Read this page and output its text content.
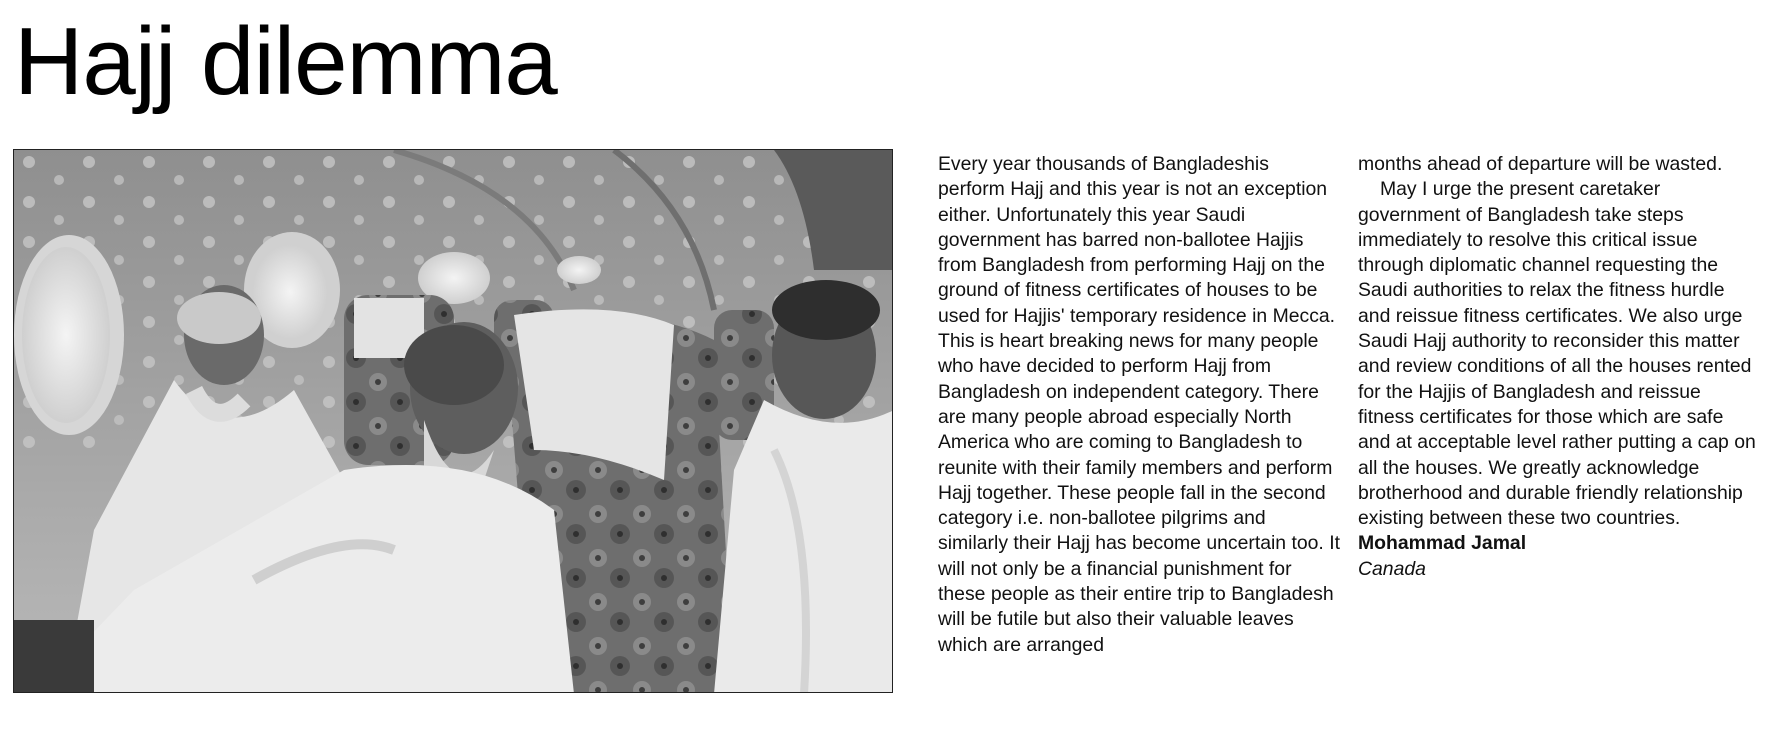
Hajj dilemma

Every year thousands of Bangladeshis perform Hajj and this year is not an exception either. Unfortunately this year Saudi government has barred non-ballotee Hajjis from Bangladesh from performing Hajj on the ground of fitness certificates of houses to be used for Hajjis' temporary residence in Mecca. This is heart breaking news for many people who have decided to perform Hajj from Bangladesh on independent category. There are many people abroad especially North America who are coming to Bangladesh to reunite with their family members and perform Hajj together. These people fall in the second category i.e. non-ballotee pilgrims and similarly their Hajj has become uncertain too. It will not only be a financial punishment for these people as their entire trip to Bangladesh will be futile but also their valuable leaves which are arranged

months ahead of departure will be wasted.

May I urge the present caretaker government of Bangladesh take steps immediately to resolve this critical issue through diplomatic channel requesting the Saudi authorities to relax the fitness hurdle and reissue fitness certificates. We also urge Saudi Hajj authority to reconsider this matter and review conditions of all the houses rented for the Hajjis of Bangladesh and reissue fitness certificates for those which are safe and at acceptable level rather putting a cap on all the houses. We greatly acknowledge brotherhood and durable friendly relationship existing between these two countries.

Mohammad Jamal

Canada
